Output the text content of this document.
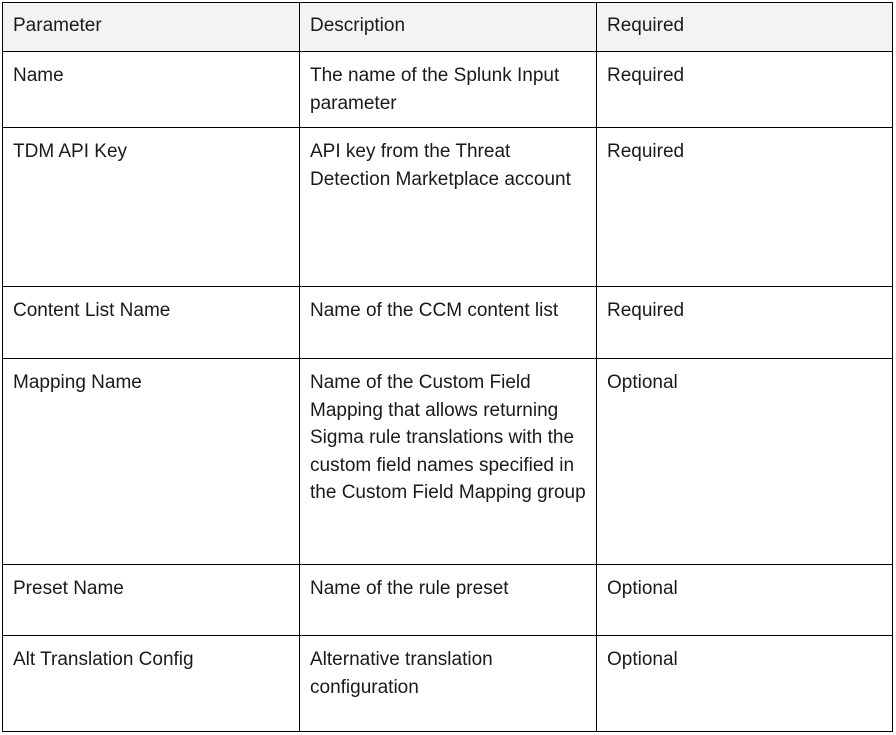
Parameter	Description	Required
Name	The name of the Splunk Input parameter	Required
TDM API Key	API key from the Threat Detection Marketplace account	Required
Content List Name	Name of the CCM content list	Required
Mapping Name	Name of the Custom Field Mapping that allows returning Sigma rule translations with the custom field names specified in the Custom Field Mapping group	Optional
Preset Name	Name of the rule preset	Optional
Alt Translation Config	Alternative translation configuration	Optional
